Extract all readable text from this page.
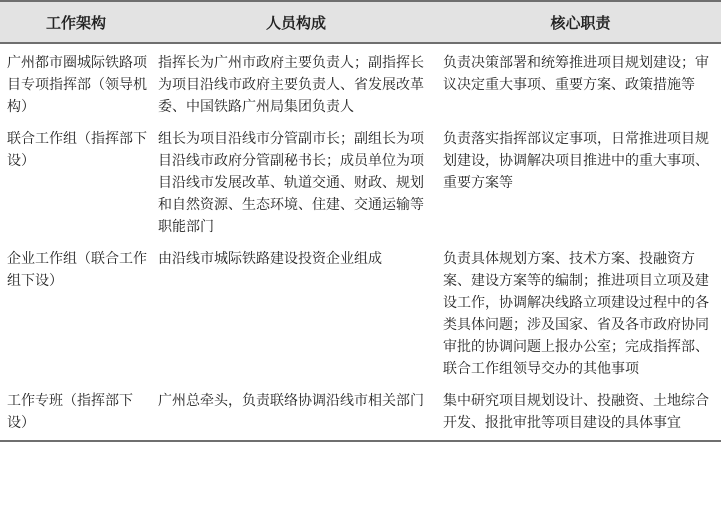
工作架构	人员构成	核心职责
广州都市圈城际铁路项目专项指挥部（领导机构）	指挥长为广州市政府主要负责人；副指挥长为项目沿线市政府主要负责人、省发展改革委、中国铁路广州局集团负责人	负责决策部署和统筹推进项目规划建设；审议决定重大事项、重要方案、政策措施等
联合工作组（指挥部下设）	组长为项目沿线市分管副市长；副组长为项目沿线市政府分管副秘书长；成员单位为项目沿线市发展改革、轨道交通、财政、规划和自然资源、生态环境、住建、交通运输等职能部门	负责落实指挥部议定事项，日常推进项目规划建设，协调解决项目推进中的重大事项、重要方案等
企业工作组（联合工作组下设）	由沿线市城际铁路建设投资企业组成	负责具体规划方案、技术方案、投融资方案、建设方案等的编制；推进项目立项及建设工作，协调解决线路立项建设过程中的各类具体问题；涉及国家、省及各市政府协同审批的协调问题上报办公室；完成指挥部、联合工作组领导交办的其他事项
工作专班（指挥部下设）	广州总牵头，负责联络协调沿线市相关部门	集中研究项目规划设计、投融资、土地综合开发、报批审批等项目建设的具体事宜
